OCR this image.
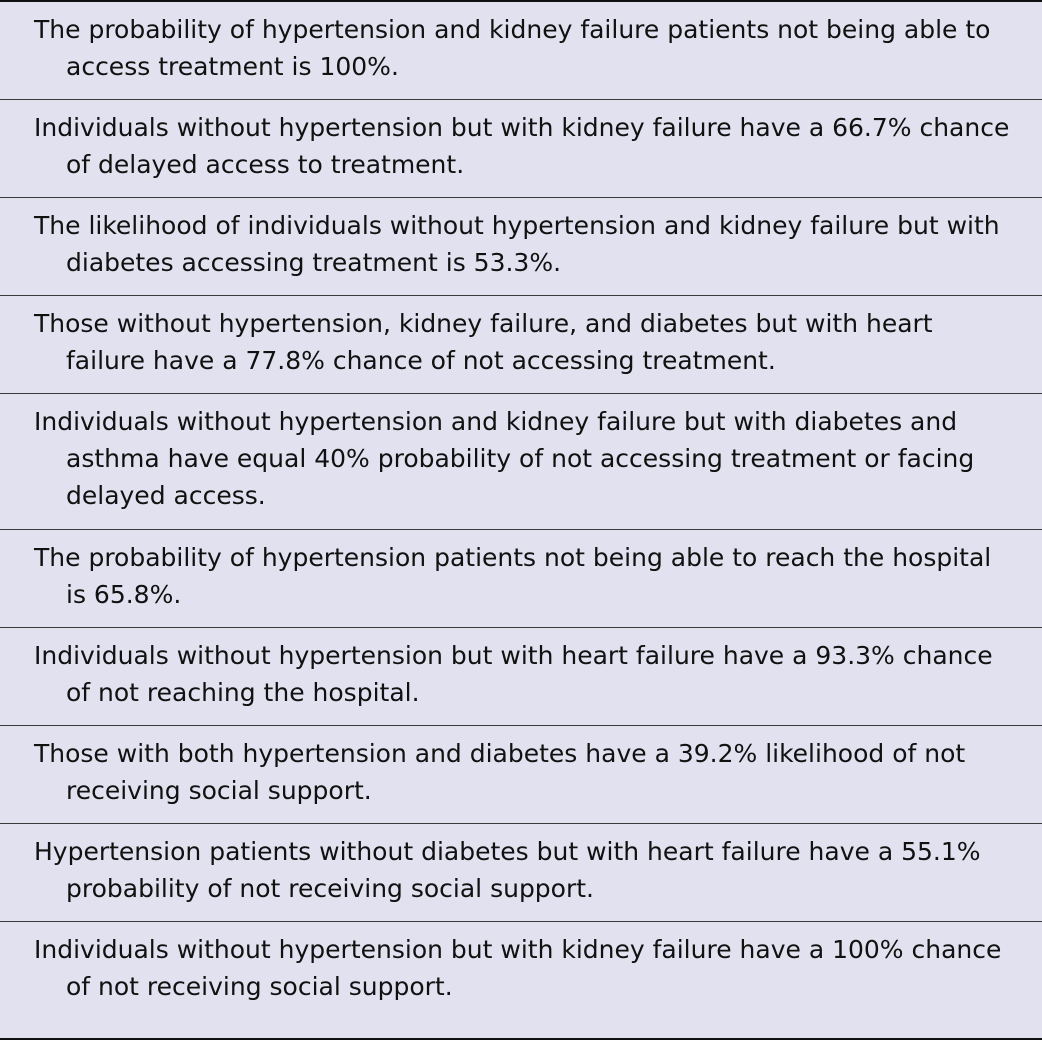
The probability of hypertension and kidney failure patients not being able to access treatment is 100%.
Individuals without hypertension but with kidney failure have a 66.7% chance of delayed access to treatment.
The likelihood of individuals without hypertension and kidney failure but with diabetes accessing treatment is 53.3%.
Those without hypertension, kidney failure, and diabetes but with heart failure have a 77.8% chance of not accessing treatment.
Individuals without hypertension and kidney failure but with diabetes and asthma have equal 40% probability of not accessing treatment or facing delayed access.
The probability of hypertension patients not being able to reach the hospital is 65.8%.
Individuals without hypertension but with heart failure have a 93.3% chance of not reaching the hospital.
Those with both hypertension and diabetes have a 39.2% likelihood of not receiving social support.
Hypertension patients without diabetes but with heart failure have a 55.1% probability of not receiving social support.
Individuals without hypertension but with kidney failure have a 100% chance of not receiving social support.
